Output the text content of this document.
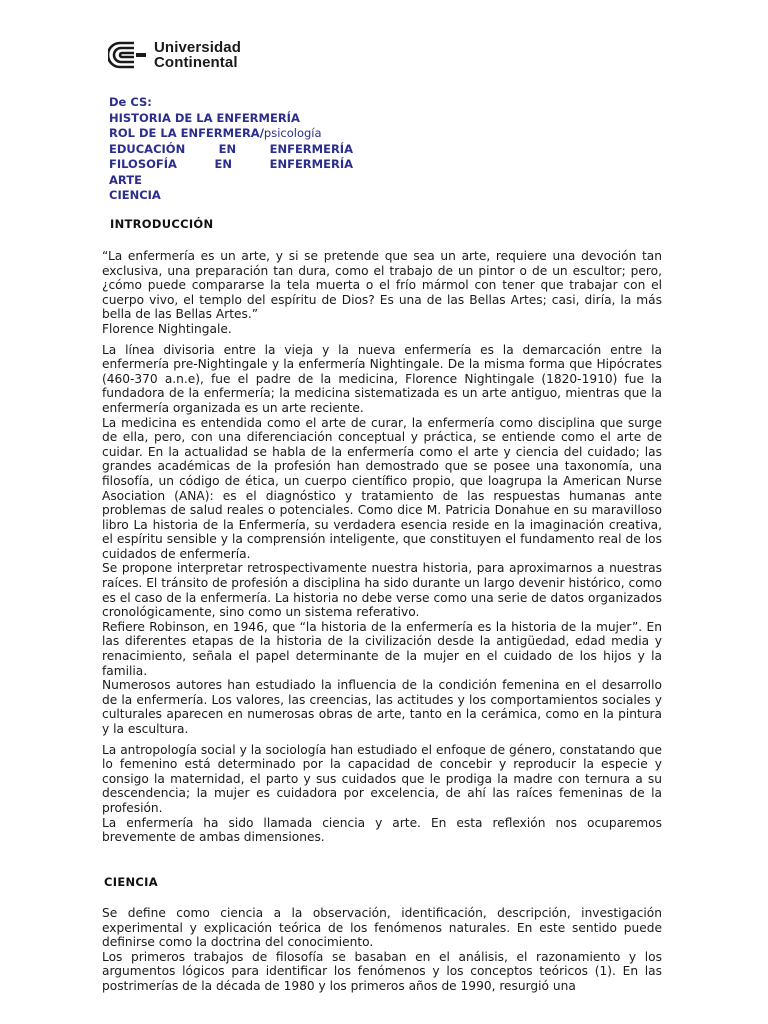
Universidad
Continental
De CS:
HISTORIA DE LA ENFERMERÍA
ROL DE LA ENFERMERA/psicología
EDUCACIÓN EN ENFERMERÍA
FILOSOFÍA EN ENFERMERÍA
ARTE
CIENCIA
INTRODUCCIÓN

“La enfermería es un arte, y si se pretende que sea un arte, requiere una devoción tan exclusiva, una preparación tan dura, como el trabajo de un pintor o de un escultor; pero, ¿cómo puede compararse la tela muerta o el frío mármol con tener que trabajar con el cuerpo vivo, el templo del espíritu de Dios? Es una de las Bellas Artes; casi, diría, la más bella de las Bellas Artes.”

Florence Nightingale.

La línea divisoria entre la vieja y la nueva enfermería es la demarcación entre la enfermería pre-Nightingale y la enfermería Nightingale. De la misma forma que Hipócrates (460-370 a.n.e), fue el padre de la medicina, Florence Nightingale (1820-1910) fue la fundadora de la enfermería; la medicina sistematizada es un arte antiguo, mientras que la enfermería organizada es un arte reciente.

La medicina es entendida como el arte de curar, la enfermería como disciplina que surge de ella, pero, con una diferenciación conceptual y práctica, se entiende como el arte de cuidar. En la actualidad se habla de la enfermería como el arte y ciencia del cuidado; las grandes académicas de la profesión han demostrado que se posee una taxonomía, una filosofía, un código de ética, un cuerpo científico propio, que loagrupa la American Nurse Asociation (ANA): es el diagnóstico y tratamiento de las respuestas humanas ante problemas de salud reales o potenciales. Como dice M. Patricia Donahue en su maravilloso libro La historia de la Enfermería, su verdadera esencia reside en la imaginación creativa, el espíritu sensible y la comprensión inteligente, que constituyen el fundamento real de los cuidados de enfermería.

Se propone interpretar retrospectivamente nuestra historia, para aproximarnos a nuestras raíces. El tránsito de profesión a disciplina ha sido durante un largo devenir histórico, como es el caso de la enfermería. La historia no debe verse como una serie de datos organizados cronológicamente, sino como un sistema referativo.

Refiere Robinson, en 1946, que “la historia de la enfermería es la historia de la mujer”. En las diferentes etapas de la historia de la civilización desde la antigüedad, edad media y renacimiento, señala el papel determinante de la mujer en el cuidado de los hijos y la familia.

Numerosos autores han estudiado la influencia de la condición femenina en el desarrollo de la enfermería. Los valores, las creencias, las actitudes y los comportamientos sociales y culturales aparecen en numerosas obras de arte, tanto en la cerámica, como en la pintura y la escultura.

La antropología social y la sociología han estudiado el enfoque de género, constatando que lo femenino está determinado por la capacidad de concebir y reproducir la especie y consigo la maternidad, el parto y sus cuidados que le prodiga la madre con ternura a su descendencia; la mujer es cuidadora por excelencia, de ahí las raíces femeninas de la profesión.

La enfermería ha sido llamada ciencia y arte. En esta reflexión nos ocuparemos brevemente de ambas dimensiones.

CIENCIA

Se define como ciencia a la observación, identificación, descripción, investigación experimental y explicación teórica de los fenómenos naturales. En este sentido puede definirse como la doctrina del conocimiento.

Los primeros trabajos de filosofía se basaban en el análisis, el razonamiento y los argumentos lógicos para identificar los fenómenos y los conceptos teóricos (1). En las postrimerías de la década de 1980 y los primeros años de 1990, resurgió una
